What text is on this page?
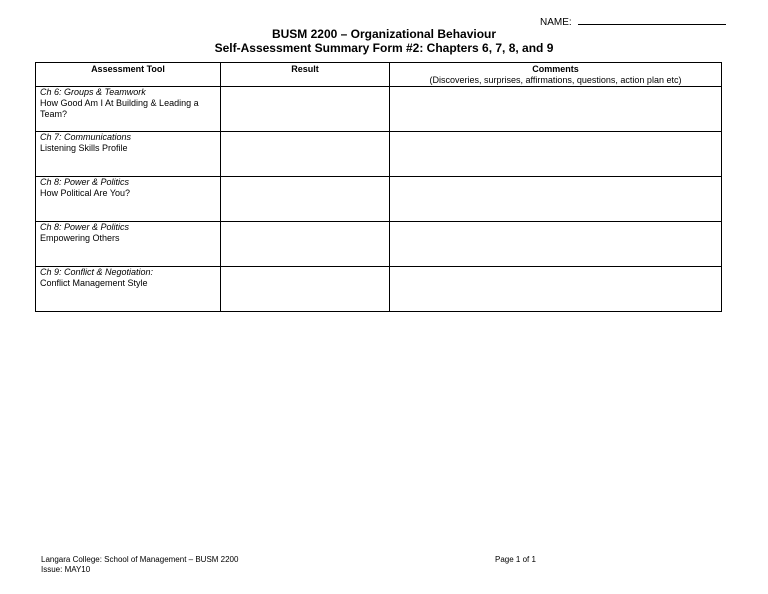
NAME:
BUSM 2200 – Organizational Behaviour
Self-Assessment Summary Form #2: Chapters 6, 7, 8, and 9
Assessment Tool	Result	Comments
(Discoveries, surprises, affirmations, questions, action plan etc)

Ch 6: Groups & Teamwork
How Good Am I At Building & Leading a Team?		

Ch 7: Communications
Listening Skills Profile		

Ch 8: Power & Politics
How Political Are You?		

Ch 8: Power & Politics
Empowering Others		

Ch 9: Conflict & Negotiation:
Conflict Management Style		
Langara College: School of Management – BUSM 2200
Issue: MAY10
Page 1 of 1
